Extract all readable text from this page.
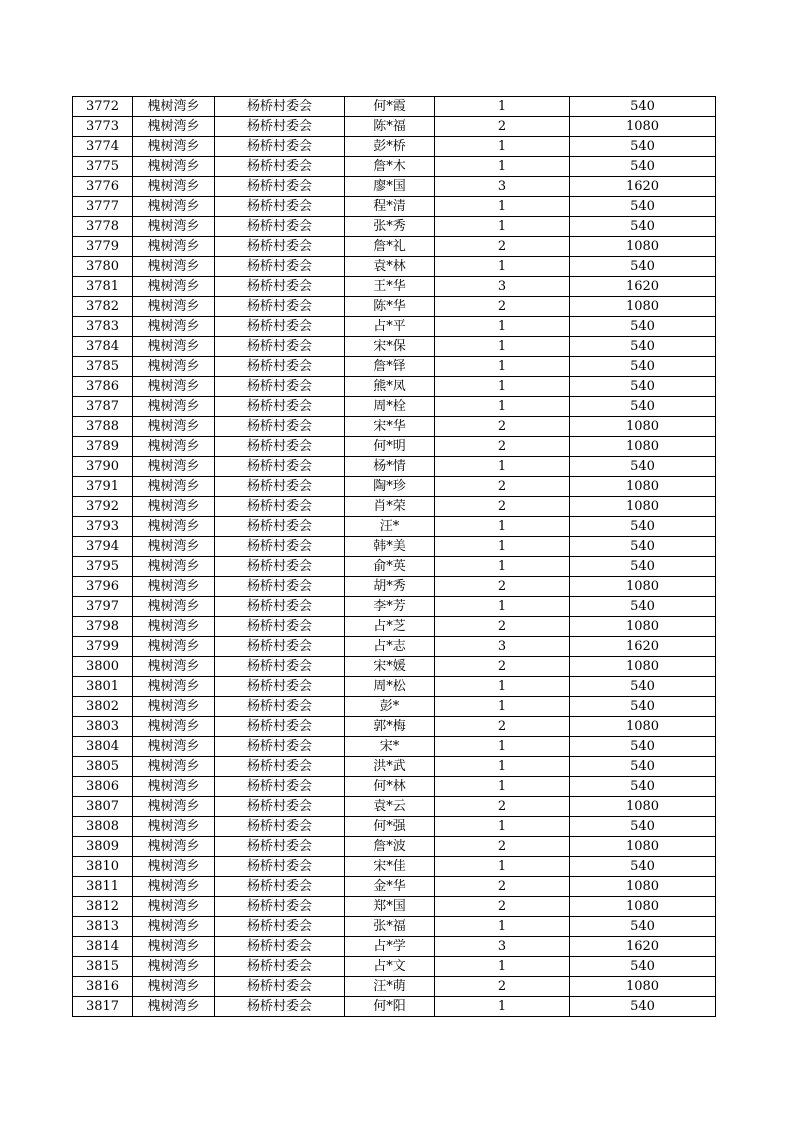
3772	槐树湾乡	杨桥村委会	何*霞	1	540
3773	槐树湾乡	杨桥村委会	陈*福	2	1080
3774	槐树湾乡	杨桥村委会	彭*桥	1	540
3775	槐树湾乡	杨桥村委会	詹*木	1	540
3776	槐树湾乡	杨桥村委会	廖*国	3	1620
3777	槐树湾乡	杨桥村委会	程*清	1	540
3778	槐树湾乡	杨桥村委会	张*秀	1	540
3779	槐树湾乡	杨桥村委会	詹*礼	2	1080
3780	槐树湾乡	杨桥村委会	袁*林	1	540
3781	槐树湾乡	杨桥村委会	王*华	3	1620
3782	槐树湾乡	杨桥村委会	陈*华	2	1080
3783	槐树湾乡	杨桥村委会	占*平	1	540
3784	槐树湾乡	杨桥村委会	宋*保	1	540
3785	槐树湾乡	杨桥村委会	詹*铎	1	540
3786	槐树湾乡	杨桥村委会	熊*凤	1	540
3787	槐树湾乡	杨桥村委会	周*栓	1	540
3788	槐树湾乡	杨桥村委会	宋*华	2	1080
3789	槐树湾乡	杨桥村委会	何*明	2	1080
3790	槐树湾乡	杨桥村委会	杨*情	1	540
3791	槐树湾乡	杨桥村委会	陶*珍	2	1080
3792	槐树湾乡	杨桥村委会	肖*荣	2	1080
3793	槐树湾乡	杨桥村委会	汪*	1	540
3794	槐树湾乡	杨桥村委会	韩*美	1	540
3795	槐树湾乡	杨桥村委会	俞*英	1	540
3796	槐树湾乡	杨桥村委会	胡*秀	2	1080
3797	槐树湾乡	杨桥村委会	李*芳	1	540
3798	槐树湾乡	杨桥村委会	占*芝	2	1080
3799	槐树湾乡	杨桥村委会	占*志	3	1620
3800	槐树湾乡	杨桥村委会	宋*媛	2	1080
3801	槐树湾乡	杨桥村委会	周*松	1	540
3802	槐树湾乡	杨桥村委会	彭*	1	540
3803	槐树湾乡	杨桥村委会	郭*梅	2	1080
3804	槐树湾乡	杨桥村委会	宋*	1	540
3805	槐树湾乡	杨桥村委会	洪*武	1	540
3806	槐树湾乡	杨桥村委会	何*林	1	540
3807	槐树湾乡	杨桥村委会	袁*云	2	1080
3808	槐树湾乡	杨桥村委会	何*强	1	540
3809	槐树湾乡	杨桥村委会	詹*波	2	1080
3810	槐树湾乡	杨桥村委会	宋*佳	1	540
3811	槐树湾乡	杨桥村委会	金*华	2	1080
3812	槐树湾乡	杨桥村委会	郑*国	2	1080
3813	槐树湾乡	杨桥村委会	张*福	1	540
3814	槐树湾乡	杨桥村委会	占*学	3	1620
3815	槐树湾乡	杨桥村委会	占*文	1	540
3816	槐树湾乡	杨桥村委会	汪*萌	2	1080
3817	槐树湾乡	杨桥村委会	何*阳	1	540
